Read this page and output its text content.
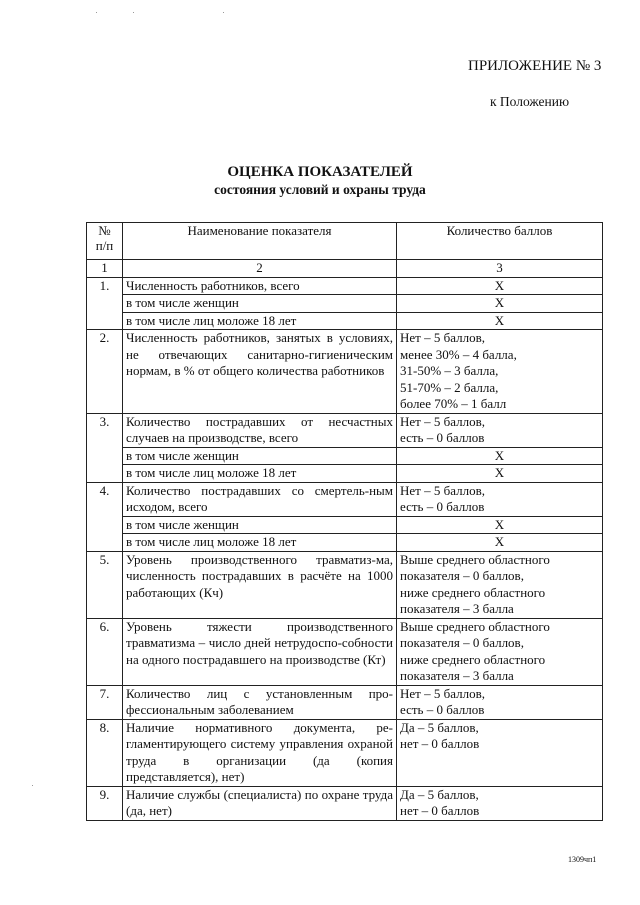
ПРИЛОЖЕНИЕ № 3
к Положению
ОЦЕНКА ПОКАЗАТЕЛЕЙ
состояния условий и охраны труда
№
п/п	Наименование показателя	Количество баллов
1	2	3
1.	Численность работников, всего	Х
	в том числе женщин	Х
	в том числе лиц моложе 18 лет	Х
2.	Численность работников, занятых в условиях, не отвечающих санитарно-гигиеническим нормам, в % от общего количества работников	Нет – 5 баллов,
менее 30% – 4 балла,
31-50% – 3 балла,
51-70% – 2 балла,
более 70% – 1 балл

3.	Количество пострадавших от несчастных случаев на производстве, всего	Нет – 5 баллов,
есть – 0 баллов

	в том числе женщин	Х
	в том числе лиц моложе 18 лет	Х
4.	Количество пострадавших со смертель-ным исходом, всего	Нет – 5 баллов,
есть – 0 баллов

	в том числе женщин	Х
	в том числе лиц моложе 18 лет	Х
5.	Уровень производственного травматиз-ма, численность пострадавших в расчёте на 1000 работающих (Кч)	Выше среднего областного
показателя – 0 баллов,
ниже среднего областного
показателя – 3 балла

6.	Уровень тяжести производственного травматизма – число дней нетрудоспо-собности на одного пострадавшего на производстве (Кт)	Выше среднего областного
показателя – 0 баллов,
ниже среднего областного
показателя – 3 балла

7.	Количество лиц с установленным про-фессиональным заболеванием	Нет – 5 баллов,
есть – 0 баллов

8.	Наличие нормативного документа, ре-гламентирующего систему управления охраной труда в организации (да (копия представляется), нет)	Да – 5 баллов,
нет – 0 баллов

9.	Наличие службы (специалиста) по охране труда (да, нет)	Да – 5 баллов,
нет – 0 баллов
1309чп1
